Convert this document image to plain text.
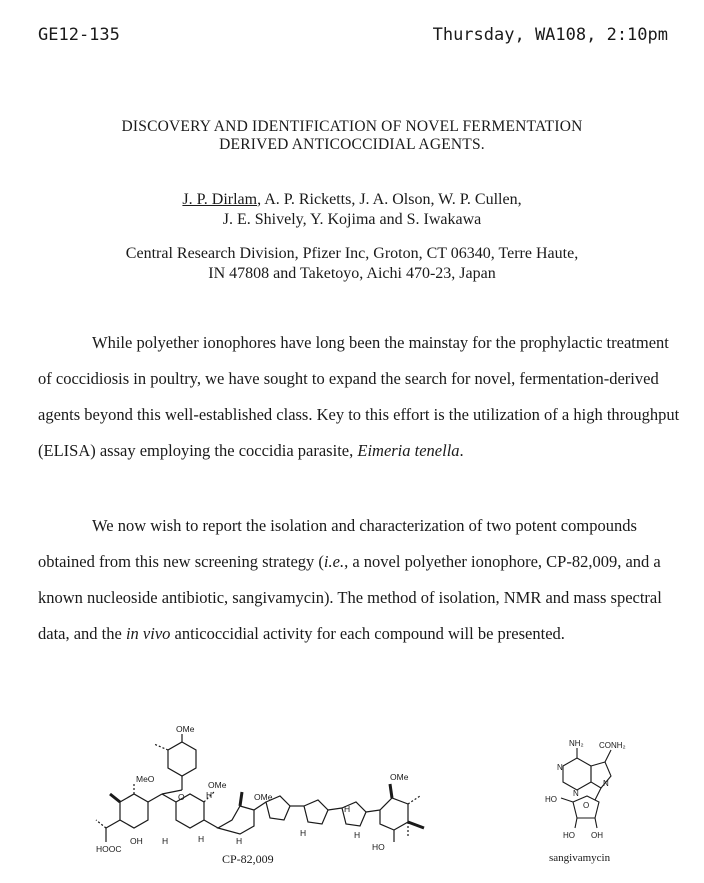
GE12-135	Thursday, WA108, 2:10pm
DISCOVERY AND IDENTIFICATION OF NOVEL FERMENTATION
DERIVED ANTICOCCIDIAL AGENTS.
J. P. Dirlam, A. P. Ricketts, J. A. Olson, W. P. Cullen,
J. E. Shively, Y. Kojima and S. Iwakawa
Central Research Division, Pfizer Inc, Groton, CT 06340, Terre Haute,
IN 47808 and Taketoyo, Aichi 470-23, Japan

While polyether ionophores have long been the mainstay for the prophylactic treatment of coccidiosis in poultry, we have sought to expand the search for novel, fermentation-derived agents beyond this well-established class. Key to this effort is the utilization of a high throughput (ELISA) assay employing the coccidia parasite, Eimeria tenella.

We now wish to report the isolation and characterization of two potent compounds obtained from this new screening strategy (i.e., a novel polyether ionophore, CP-82,009, and a known nucleoside antibiotic, sangivamycin). The method of isolation, NMR and mass spectral data, and the in vivo anticoccidial activity for each compound will be presented.

OMe
MeO
O	H
OMe
OMe
OH
OMe
H	H	H
H
H
H
HO
HOOC
CP-82,009
NH₂ CONH₂
N
N
N
HO
O
HO OH
sangivamycin
